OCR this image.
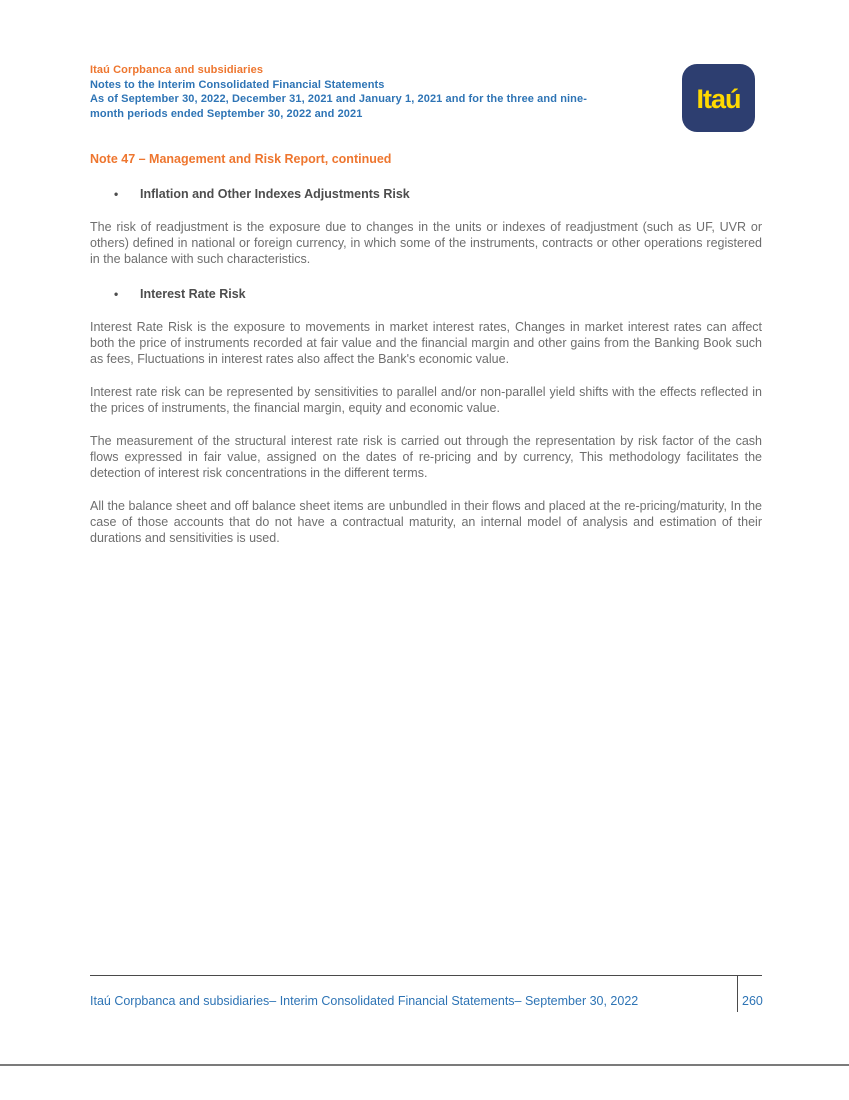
Itaú Corpbanca and subsidiaries
Notes to the Interim Consolidated Financial Statements
As of September 30, 2022, December 31, 2021 and January 1, 2021 and for the three and nine-
month periods ended September 30, 2022 and 2021
Note 47 – Management and Risk Report, continued
•	Inflation and Other Indexes Adjustments Risk
The risk of readjustment is the exposure due to changes in the units or indexes of readjustment (such as UF, UVR or others) defined in national or foreign currency, in which some of the instruments, contracts or other operations registered in the balance with such characteristics.
•	Interest Rate Risk
Interest Rate Risk is the exposure to movements in market interest rates, Changes in market interest rates can affect both the price of instruments recorded at fair value and the financial margin and other gains from the Banking Book such as fees, Fluctuations in interest rates also affect the Bank's economic value.
Interest rate risk can be represented by sensitivities to parallel and/or non-parallel yield shifts with the effects reflected in the prices of instruments, the financial margin, equity and economic value.
The measurement of the structural interest rate risk is carried out through the representation by risk factor of the cash flows expressed in fair value, assigned on the dates of re-pricing and by currency, This methodology facilitates the detection of interest risk concentrations in the different terms.
All the balance sheet and off balance sheet items are unbundled in their flows and placed at the re-pricing/maturity, In the case of those accounts that do not have a contractual maturity, an internal model of analysis and estimation of their durations and sensitivities is used.
Itaú
Itaú Corpbanca and subsidiaries– Interim Consolidated Financial Statements– September 30, 2022	260
